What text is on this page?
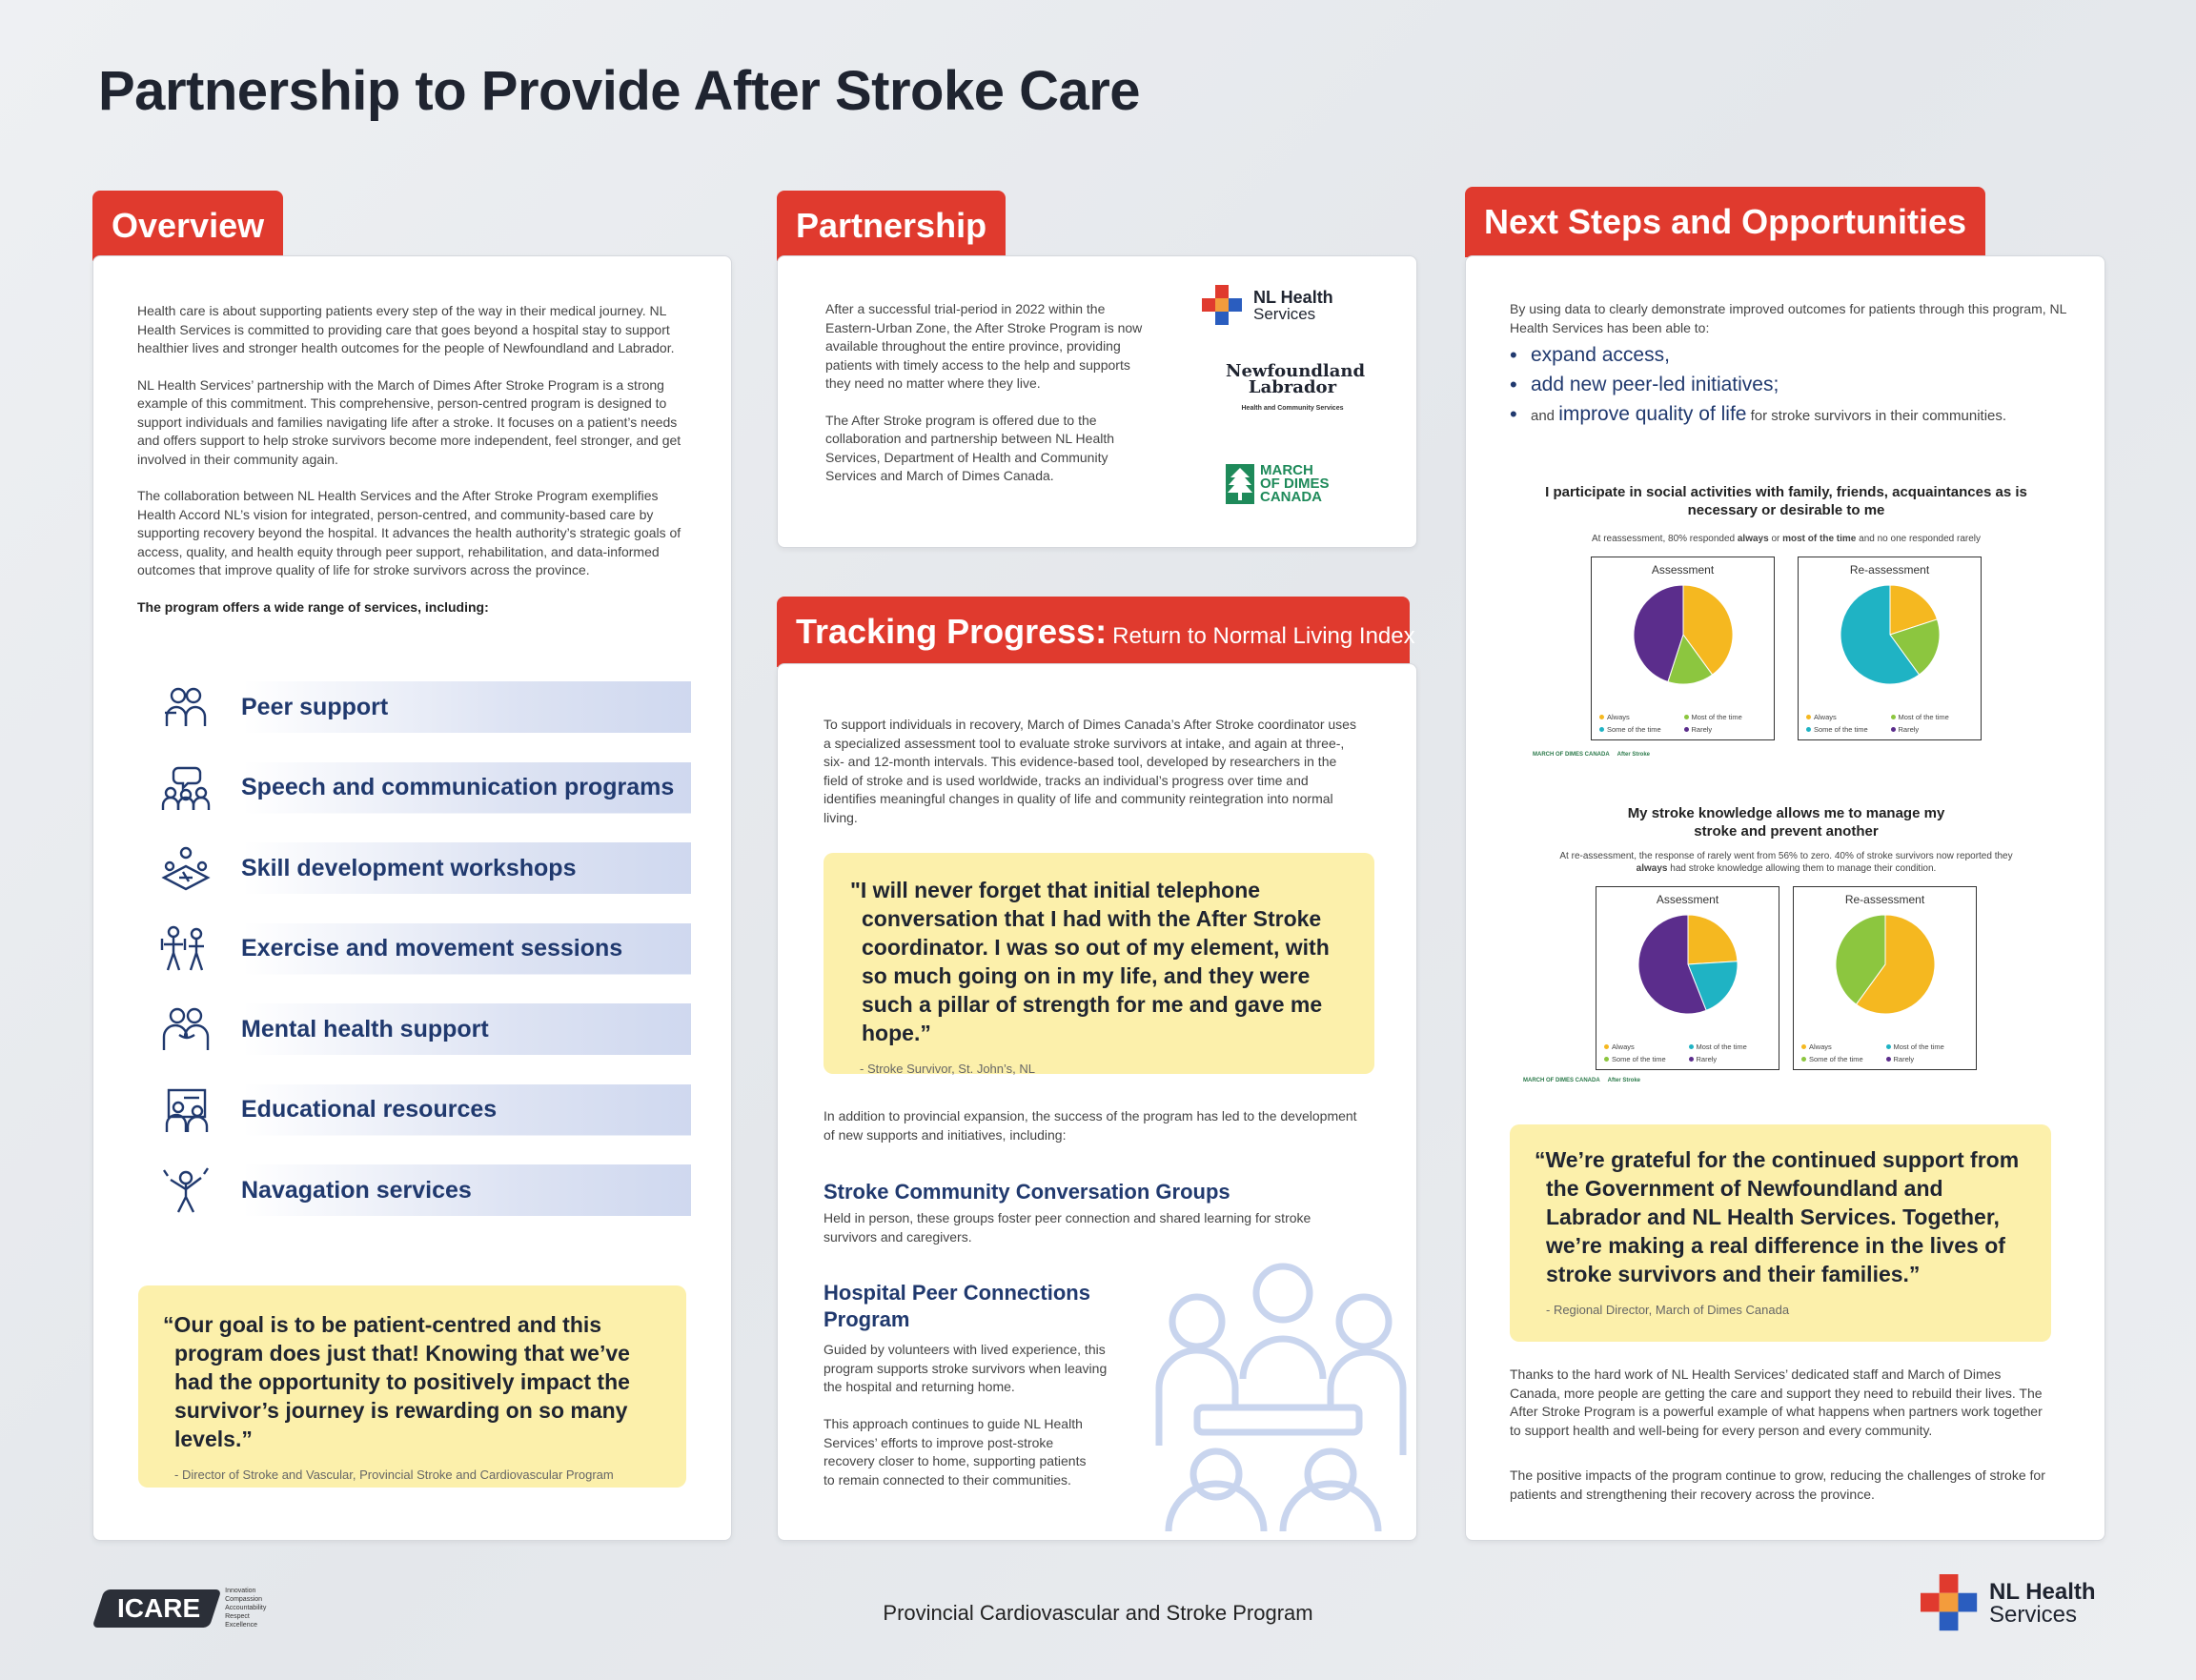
Partnership to Provide After Stroke Care
Overview

Health care is about supporting patients every step of the way in their medical journey. NL Health Services is committed to providing care that goes beyond a hospital stay to support healthier lives and stronger health outcomes for the people of Newfoundland and Labrador.

NL Health Services’ partnership with the March of Dimes After Stroke Program is a strong example of this commitment. This comprehensive, person-centred program is designed to support individuals and families navigating life after a stroke. It focuses on a patient’s needs and offers support to help stroke survivors become more independent, feel stronger, and get involved in their community again.

The collaboration between NL Health Services and the After Stroke Program exemplifies Health Accord NL’s vision for integrated, person-centred, and community-based care by supporting recovery beyond the hospital. It advances the health authority’s strategic goals of access, quality, and health equity through peer support, rehabilitation, and data-informed outcomes that improve quality of life for stroke survivors across the province.

The program offers a wide range of services, including:
Peer support
Speech and communication programs
Skill development workshops
Exercise and movement sessions
Mental health support
Educational resources
Navagation services
“Our goal is to be patient-centred and this program does just that! Knowing that we’ve had the opportunity to positively impact the survivor’s journey is rewarding on so many levels.”
- Director of Stroke and Vascular, Provincial Stroke and Cardiovascular Program
Partnership

After a successful trial-period in 2022 within the Eastern-Urban Zone, the After Stroke Program is now available throughout the entire province, providing patients with timely access to the help and supports they need no matter where they live.

The After Stroke program is offered due to the collaboration and partnership between NL Health Services, Department of Health and Community Services and March of Dimes Canada.

NL Health
Services
Newfoundland
Labrador
Health and Community Services
MARCH
OF DIMES
CANADA
Tracking Progress: Return to Normal Living Index
To support individuals in recovery, March of Dimes Canada’s After Stroke coordinator uses a specialized assessment tool to evaluate stroke survivors at intake, and again at three-, six- and 12-month intervals. This evidence-based tool, developed by researchers in the field of stroke and is used worldwide, tracks an individual’s progress over time and identifies meaningful changes in quality of life and community reintegration into normal living.
"I will never forget that initial telephone conversation that I had with the After Stroke coordinator. I was so out of my element, with so much going on in my life, and they were such a pillar of strength for me and gave me hope.”
- Stroke Survivor, St. John’s, NL
In addition to provincial expansion, the success of the program has led to the development of new supports and initiatives, including:
Stroke Community Conversation Groups
Held in person, these groups foster peer connection and shared learning for stroke survivors and caregivers.
Hospital Peer Connections Program
Guided by volunteers with lived experience, this program supports stroke survivors when leaving the hospital and returning home.
This approach continues to guide NL Health Services’ efforts to improve post-stroke recovery closer to home, supporting patients to remain connected to their communities.
Next Steps and Opportunities
By using data to clearly demonstrate improved outcomes for patients through this program, NL Health Services has been able to:
• expand access,
• add new peer-led initiatives;
• and improve quality of life for stroke survivors in their communities.
I participate in social activities with family, friends, acquaintances as is necessary or desirable to me
At reassessment, 80% responded always or most of the time and no one responded rarely
Assessment
Always	Most of the time
Some of the time	Rarely
Re-assessment
Always	Most of the time
Some of the time	Rarely
MARCH OF DIMES CANADA After Stroke
My stroke knowledge allows me to manage my stroke and prevent another
At re-assessment, the response of rarely went from 56% to zero. 40% of stroke survivors now reported they
always had stroke knowledge allowing them to manage their condition.
Assessment
Always	Most of the time
Some of the time	Rarely
Re-assessment
Always	Most of the time
Some of the time	Rarely
MARCH OF DIMES CANADA After Stroke
“We’re grateful for the continued support from the Government of Newfoundland and Labrador and NL Health Services. Together, we’re making a real difference in the lives of stroke survivors and their families.”
- Regional Director, March of Dimes Canada
Thanks to the hard work of NL Health Services’ dedicated staff and March of Dimes Canada, more people are getting the care and support they need to rebuild their lives. The After Stroke Program is a powerful example of what happens when partners work together to support health and well-being for every person and every community.
The positive impacts of the program continue to grow, reducing the challenges of stroke for patients and strengthening their recovery across the province.
ICARE
Innovation
Compassion
Accountability
Respect
Excellence
Provincial Cardiovascular and Stroke Program
NL Health
Services
